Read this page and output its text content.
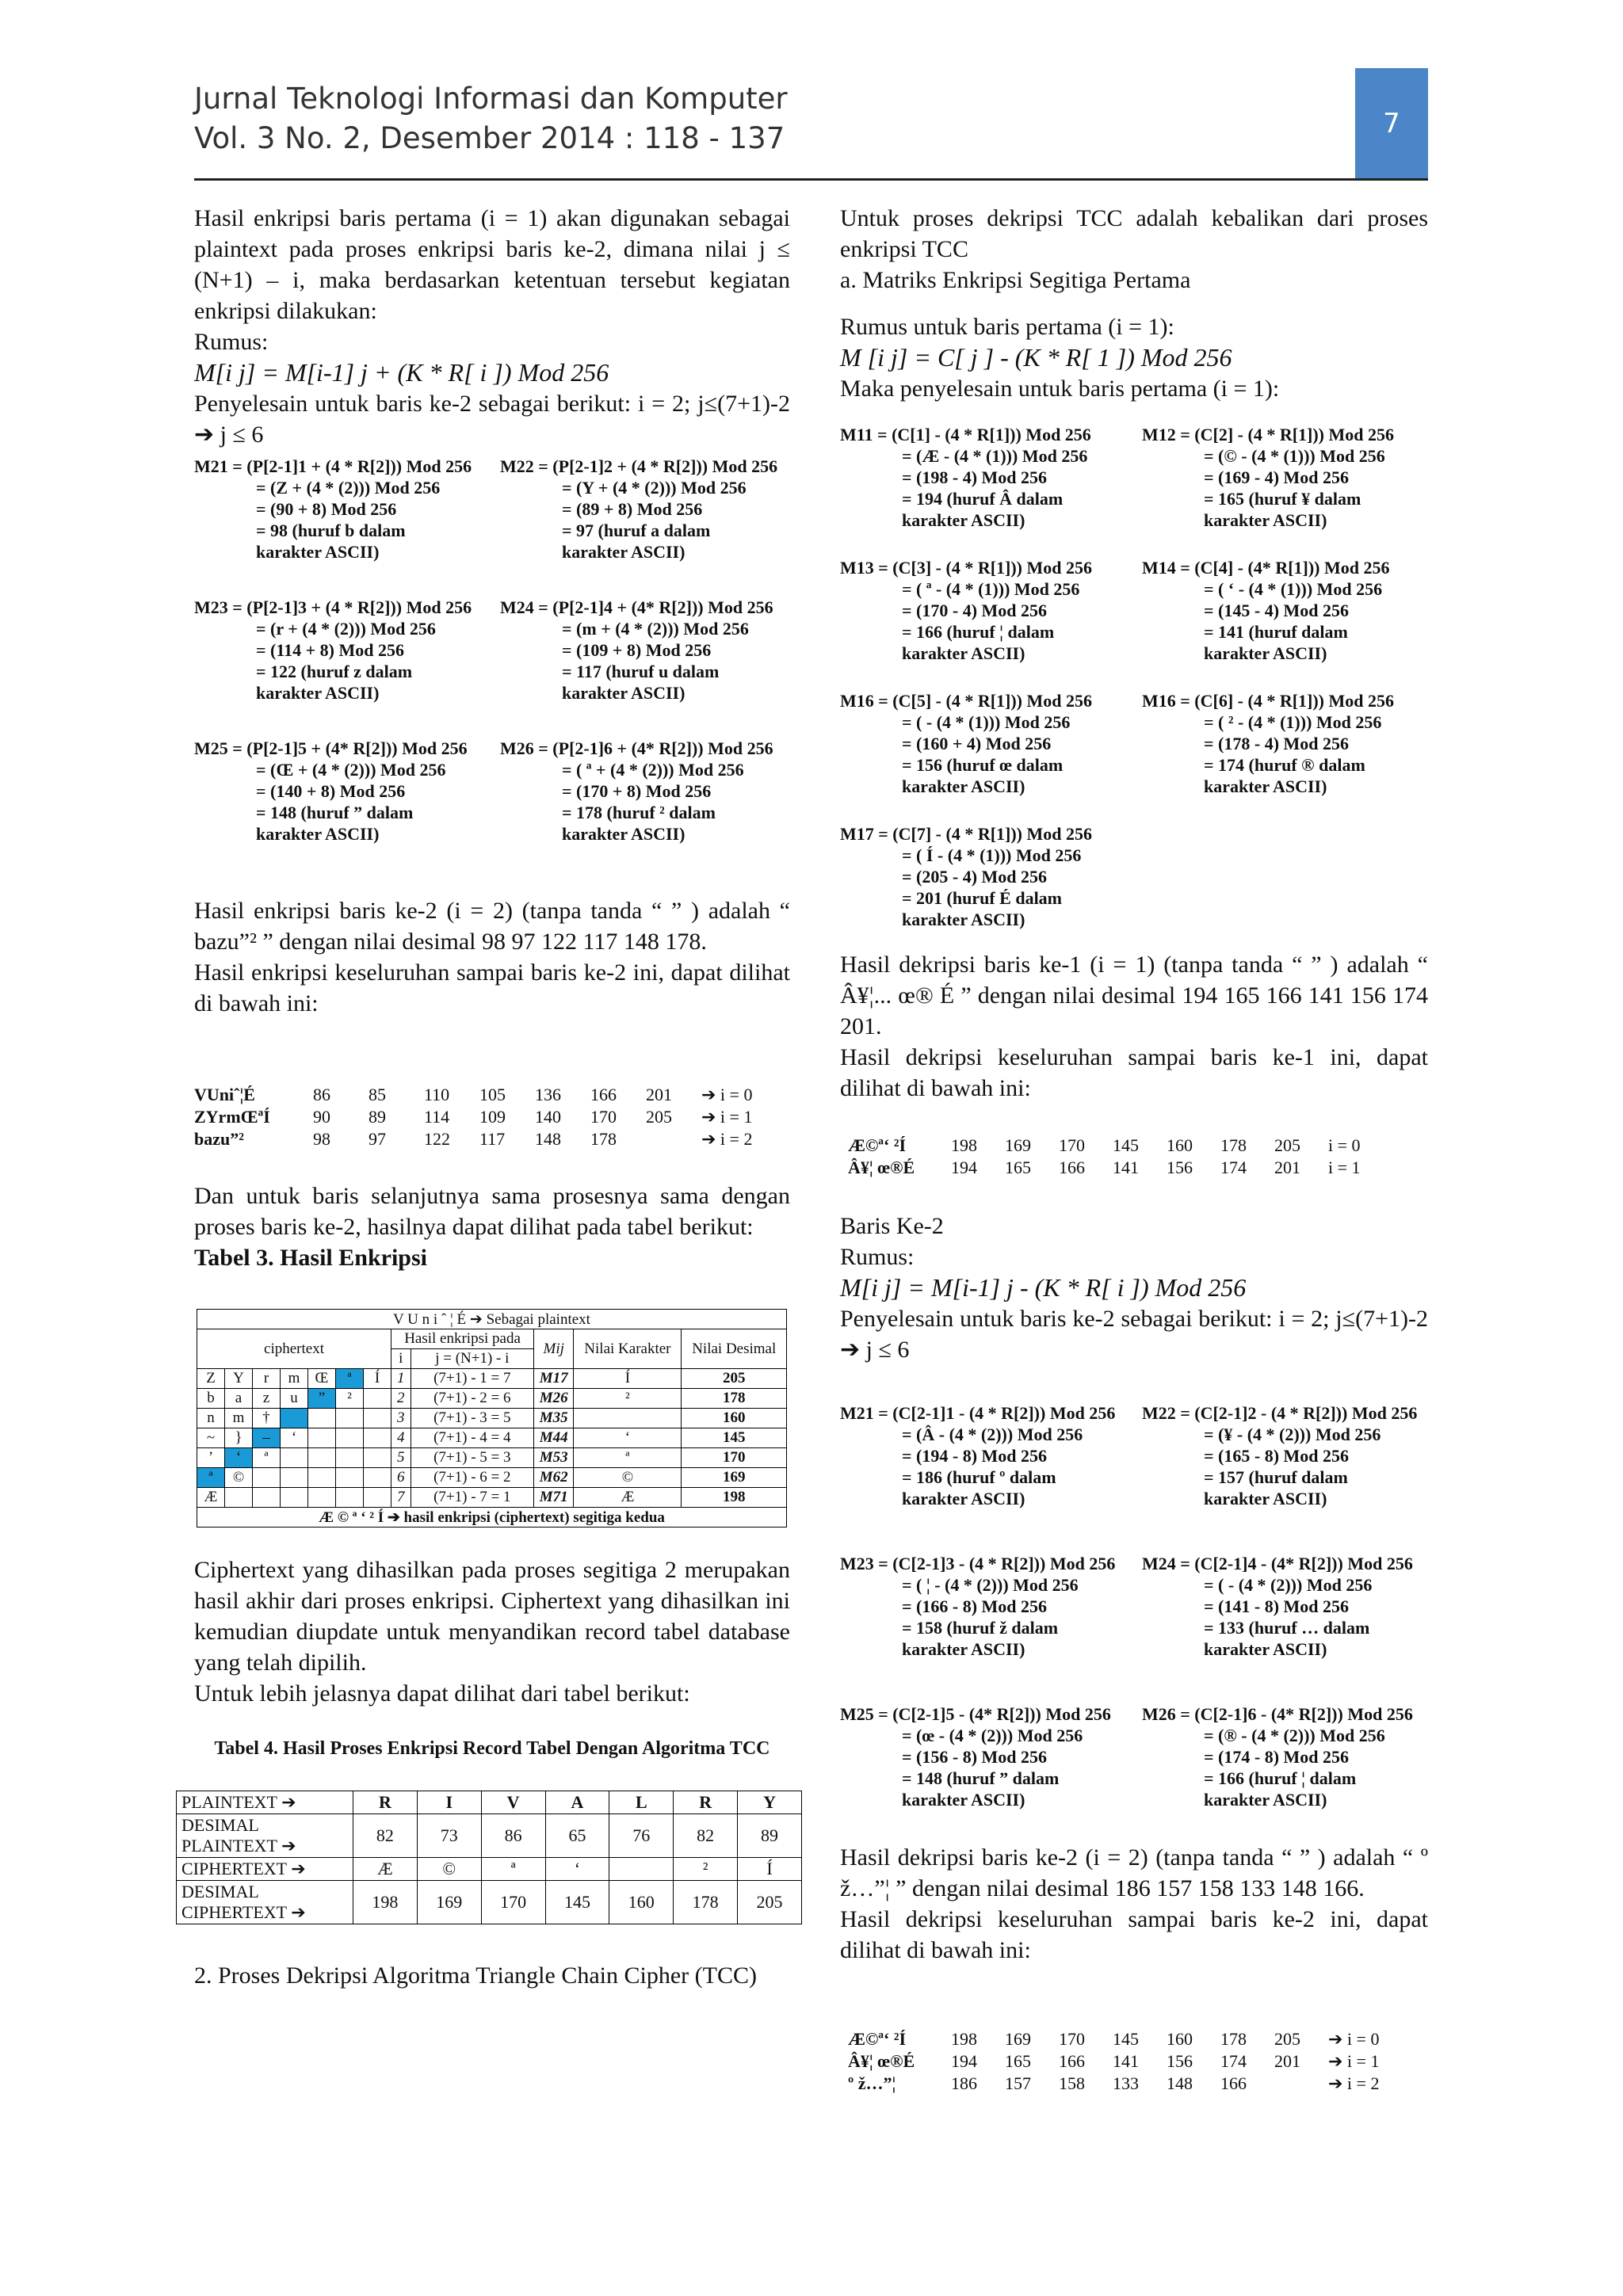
Jurnal Teknologi Informasi dan Komputer
Vol. 3 No. 2, Desember 2014 : 118 - 137	7

Hasil enkripsi baris pertama (i = 1) akan digunakan sebagai plaintext pada proses enkripsi baris ke-2, dimana nilai j ≤ (N+1) – i, maka berdasarkan ketentuan tersebut kegiatan enkripsi dilakukan:

Rumus:

M[i j] = M[i-1] j + (K * R[ i ]) Mod 256

Penyelesain untuk baris ke-2 sebagai berikut: i = 2; j≤(7+1)-2 ➔ j ≤ 6

M21 = (P[2-1]1 + (4 * R[2])) Mod 256
= (Z + (4 * (2))) Mod 256
= (90 + 8) Mod 256
= 98 (huruf b dalam
karakter ASCII)
M22 = (P[2-1]2 + (4 * R[2])) Mod 256
= (Y + (4 * (2))) Mod 256
= (89 + 8) Mod 256
= 97 (huruf a dalam
karakter ASCII)
M23 = (P[2-1]3 + (4 * R[2])) Mod 256
= (r + (4 * (2))) Mod 256
= (114 + 8) Mod 256
= 122 (huruf z dalam
karakter ASCII)
M24 = (P[2-1]4 + (4* R[2])) Mod 256
= (m + (4 * (2))) Mod 256
= (109 + 8) Mod 256
= 117 (huruf u dalam
karakter ASCII)
M25 = (P[2-1]5 + (4* R[2])) Mod 256
= (Œ + (4 * (2))) Mod 256
= (140 + 8) Mod 256
= 148 (huruf ” dalam
karakter ASCII)
M26 = (P[2-1]6 + (4* R[2])) Mod 256
= ( ª + (4 * (2))) Mod 256
= (170 + 8) Mod 256
= 178 (huruf ² dalam
karakter ASCII)

Hasil enkripsi baris ke-2 (i = 2) (tanpa tanda “ ” ) adalah “ bazu”² ” dengan nilai desimal 98 97 122 117 148 178.

Hasil enkripsi keseluruhan sampai baris ke-2 ini, dapat dilihat di bawah ini:

VUniˆ¦É	86 85 110 105 136 166 201 ➔ i = 0
ZYrmŒªÍ 90 89 114 109 140 170 205 ➔ i = 1
bazu”²	98 97 122 117 148 178	➔ i = 2

Dan untuk baris selanjutnya sama prosesnya sama dengan proses baris ke-2, hasilnya dapat dilihat pada tabel berikut:

Tabel 3. Hasil Enkripsi

V U n i ˆ ¦ É ➔ Sebagai plaintext											
ciphertext							Hasil enkripsi pada		Mij	Nilai Karakter	Nilai Desimal
							i	j = (N+1) - i			
Z	Y	r	m	Œ	ª	Í	1	(7+1) - 1 = 7	M17	Í	205
b	a	z	u	”	²		2	(7+1) - 2 = 6	M26	²	178
n	m	†					3	(7+1) - 3 = 5	M35		160
~	}	–	‘				4	(7+1) - 4 = 4	M44	‘	145
’	‘	ª					5	(7+1) - 5 = 3	M53	ª	170
ª	©						6	(7+1) - 6 = 2	M62	©	169
Æ							7	(7+1) - 7 = 1	M71	Æ	198
Æ © ª ‘ ² Í ➔ hasil enkripsi (ciphertext) segitiga kedua											

Ciphertext yang dihasilkan pada proses segitiga 2 merupakan hasil akhir dari proses enkripsi. Ciphertext yang dihasilkan ini kemudian diupdate untuk menyandikan record tabel database yang telah dipilih.

Untuk lebih jelasnya dapat dilihat dari tabel berikut:

Tabel 4. Hasil Proses Enkripsi Record Tabel Dengan Algoritma TCC
PLAINTEXT ➔	R	I	V	A	L	R	Y
DESIMAL PLAINTEXT ➔	82	73	86	65	76	82	89
CIPHERTEXT ➔	Æ	©	ª	‘		²	Í
DESIMAL CIPHERTEXT ➔	198	169	170	145	160	178	205
2. Proses Dekripsi Algoritma Triangle Chain Cipher (TCC)

Untuk proses dekripsi TCC adalah kebalikan dari proses enkripsi TCC

a. Matriks Enkripsi Segitiga Pertama

Rumus untuk baris pertama (i = 1):

M [i j] = C[ j ] - (K * R[ 1 ]) Mod 256

Maka penyelesain untuk baris pertama (i = 1):

M11 = (C[1] - (4 * R[1])) Mod 256
= (Æ - (4 * (1))) Mod 256
= (198 - 4) Mod 256
= 194 (huruf Â dalam
karakter ASCII)
M12 = (C[2] - (4 * R[1])) Mod 256
= (© - (4 * (1))) Mod 256
= (169 - 4) Mod 256
= 165 (huruf ¥ dalam
karakter ASCII)
M13 = (C[3] - (4 * R[1])) Mod 256
= ( ª - (4 * (1))) Mod 256
= (170 - 4) Mod 256
= 166 (huruf ¦ dalam
karakter ASCII)
M14 = (C[4] - (4* R[1])) Mod 256
= ( ‘ - (4 * (1))) Mod 256
= (145 - 4) Mod 256
= 141 (huruf dalam
karakter ASCII)
M16 = (C[5] - (4 * R[1])) Mod 256
= ( - (4 * (1))) Mod 256
= (160 + 4) Mod 256
= 156 (huruf œ dalam
karakter ASCII)
M16 = (C[6] - (4 * R[1])) Mod 256
= ( ² - (4 * (1))) Mod 256
= (178 - 4) Mod 256
= 174 (huruf ® dalam
karakter ASCII)
M17 = (C[7] - (4 * R[1])) Mod 256
= ( Í - (4 * (1))) Mod 256
= (205 - 4) Mod 256
= 201 (huruf É dalam
karakter ASCII)

Hasil dekripsi baris ke-1 (i = 1) (tanpa tanda “ ” ) adalah “ Â¥¦... œ® É ” dengan nilai desimal 194 165 166 141 156 174 201.

Hasil dekripsi keseluruhan sampai baris ke-1 ini, dapat dilihat di bawah ini:

Æ©ª‘ ²Í	198 169 170 145 160 178 205 i = 0
Â¥¦ œ®É 194 165 166 141 156 174 201 i = 1

Baris Ke-2

Rumus:

M[i j] = M[i-1] j - (K * R[ i ]) Mod 256

Penyelesain untuk baris ke-2 sebagai berikut: i = 2; j≤(7+1)-2 ➔ j ≤ 6

M21 = (C[2-1]1 - (4 * R[2])) Mod 256
= (Â - (4 * (2))) Mod 256
= (194 - 8) Mod 256
= 186 (huruf º dalam
karakter ASCII)
M22 = (C[2-1]2 - (4 * R[2])) Mod 256
= (¥ - (4 * (2))) Mod 256
= (165 - 8) Mod 256
= 157 (huruf dalam
karakter ASCII)
M23 = (C[2-1]3 - (4 * R[2])) Mod 256
= ( ¦ - (4 * (2))) Mod 256
= (166 - 8) Mod 256
= 158 (huruf ž dalam
karakter ASCII)
M24 = (C[2-1]4 - (4* R[2])) Mod 256
= ( - (4 * (2))) Mod 256
= (141 - 8) Mod 256
= 133 (huruf … dalam
karakter ASCII)
M25 = (C[2-1]5 - (4* R[2])) Mod 256
= (œ - (4 * (2))) Mod 256
= (156 - 8) Mod 256
= 148 (huruf ” dalam
karakter ASCII)
M26 = (C[2-1]6 - (4* R[2])) Mod 256
= (® - (4 * (2))) Mod 256
= (174 - 8) Mod 256
= 166 (huruf ¦ dalam
karakter ASCII)

Hasil dekripsi baris ke-2 (i = 2) (tanpa tanda “ ” ) adalah “ º ž…”¦ ” dengan nilai desimal 186 157 158 133 148 166.

Hasil dekripsi keseluruhan sampai baris ke-2 ini, dapat dilihat di bawah ini:

Æ©ª‘ ²Í	198 169 170 145 160 178 205 ➔ i = 0
Â¥¦ œ®É 194 165 166 141 156 174 201 ➔ i = 1
º ž…”¦	186 157 158 133 148 166	➔ i = 2
